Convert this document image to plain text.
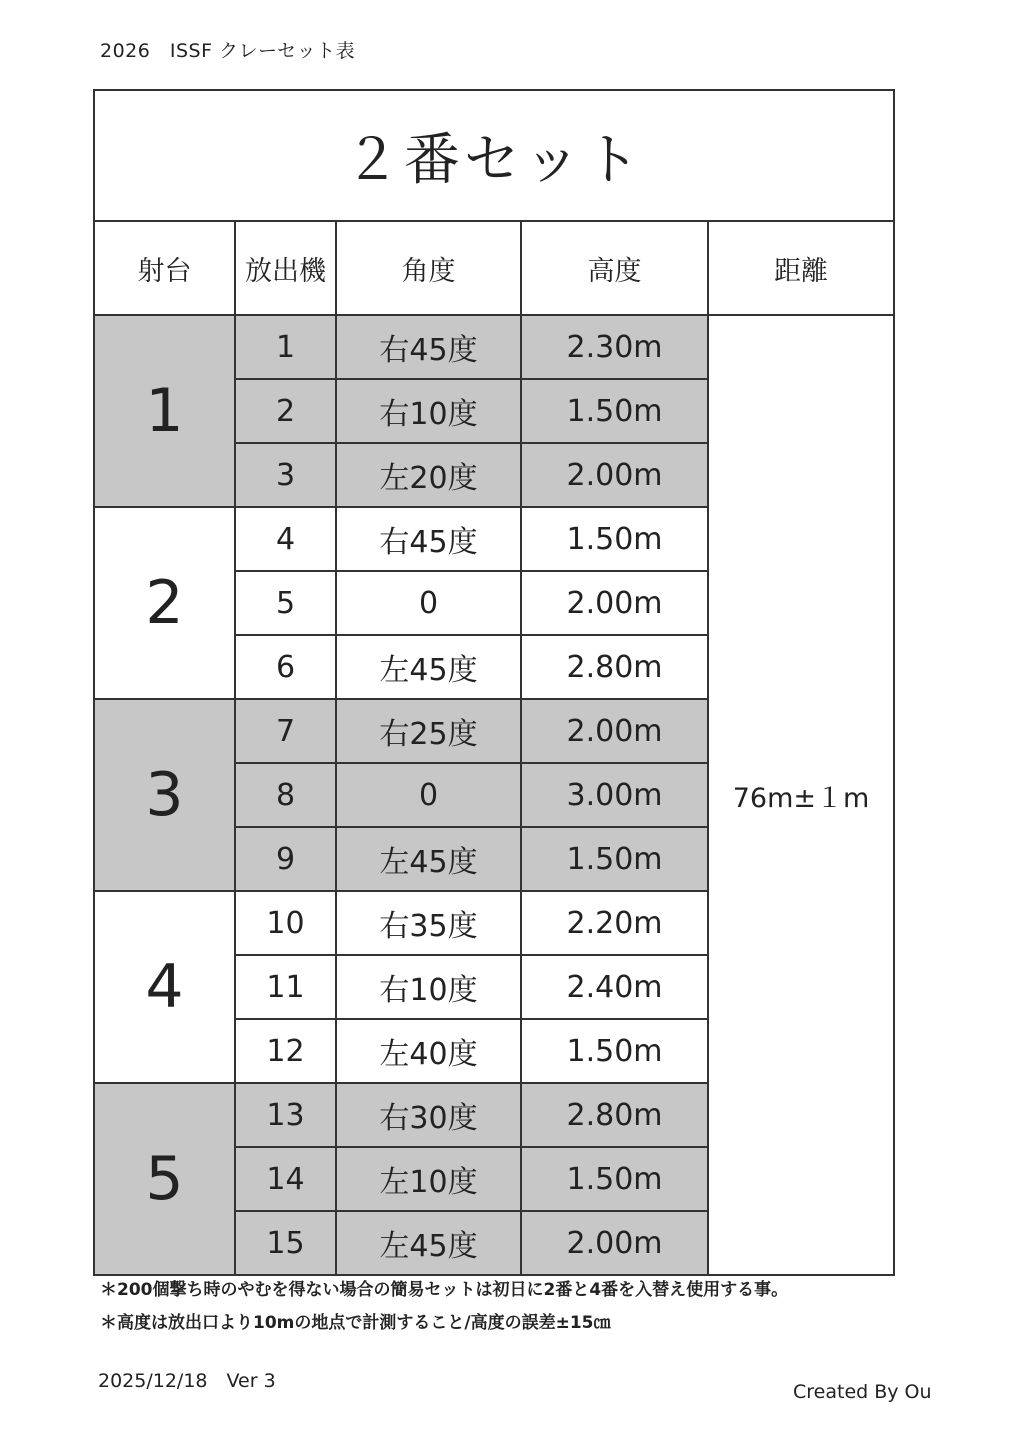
2026　ISSF クレーセット表
２番セット				
射台	放出機	角度	高度	距離
1	1	右45度	2.30m	76m±１m
	2	右10度	1.50m	
	3	左20度	2.00m	
2	4	右45度	1.50m	
	5	0	2.00m	
	6	左45度	2.80m	
3	7	右25度	2.00m	
	8	0	3.00m	
	9	左45度	1.50m	
4	10	右35度	2.20m	
	11	右10度	2.40m	
	12	左40度	1.50m	
5	13	右30度	2.80m	
	14	左10度	1.50m	
	15	左45度	2.00m	
＊200個撃ち時のやむを得ない場合の簡易セットは初日に2番と4番を入替え使用する事。
＊高度は放出口より10mの地点で計測すること/高度の誤差±15㎝
2025/12/18　Ver 3	Created By Ou
